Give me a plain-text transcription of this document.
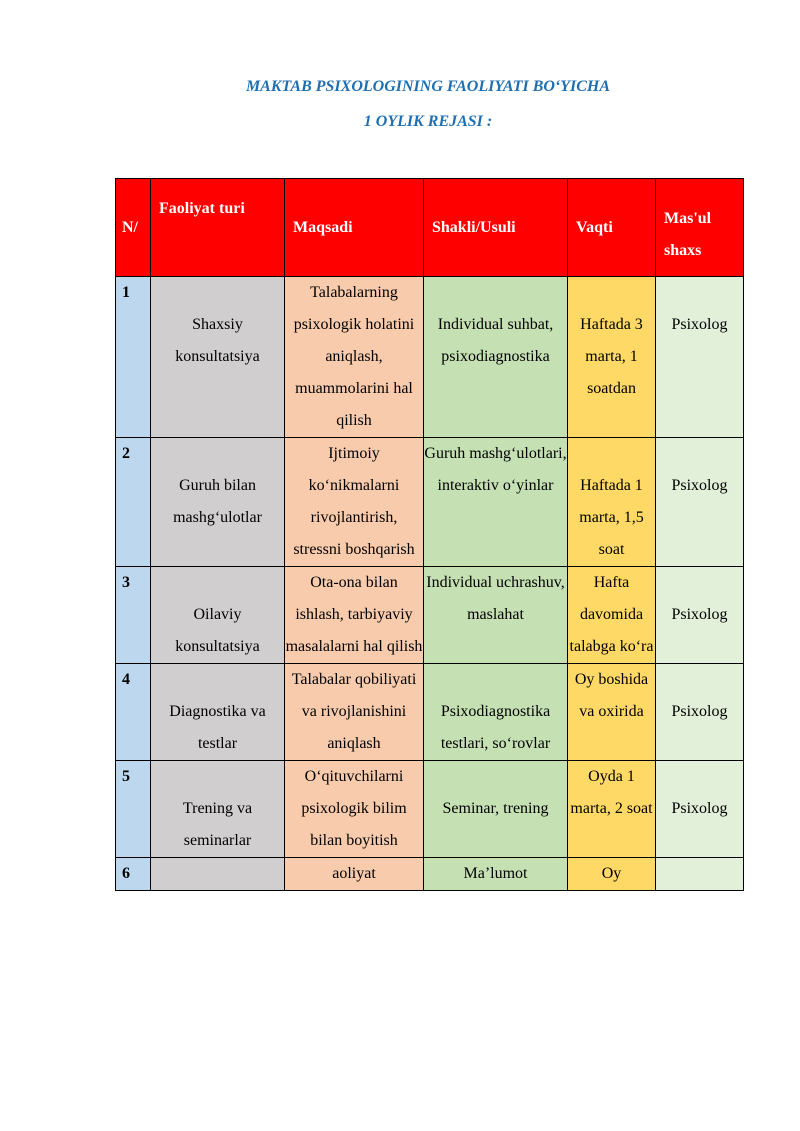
MAKTAB PSIXOLOGINING FAOLIYATI BO‘YICHA
1 OYLIK REJASI :
N/	Faoliyat turi	Maqsadi	Shakli/Usuli	Vaqti	Mas'ul shaxs

1	Shaxsiy konsultatsiya	Talabalarning psixologik holatini aniqlash, muammolarini hal qilish	Individual suhbat, psixodiagnostika	Haftada 3 marta, 1 soatdan	Psixolog

2	Guruh bilan mashg‘ulotlar	Ijtimoiy ko‘nikmalarni rivojlantirish, stressni boshqarish	Guruh mashg‘ulotlari, interaktiv o‘yinlar	Haftada 1 marta, 1,5 soat	Psixolog

3	Oilaviy konsultatsiya	Ota-ona bilan ishlash, tarbiyaviy masalalarni hal qilish	Individual uchrashuv, maslahat	Hafta davomida talabga ko‘ra	Psixolog

4	Diagnostika va testlar	Talabalar qobiliyati va rivojlanishini aniqlash	Psixodiagnostika testlari, so‘rovlar	Oy boshida va oxirida	Psixolog

5	Trening va seminarlar	O‘qituvchilarni psixologik bilim bilan boyitish	Seminar, trening	Oyda 1 marta, 2 soat	Psixolog

6		aoliyat	Ma’lumot	Oy	
